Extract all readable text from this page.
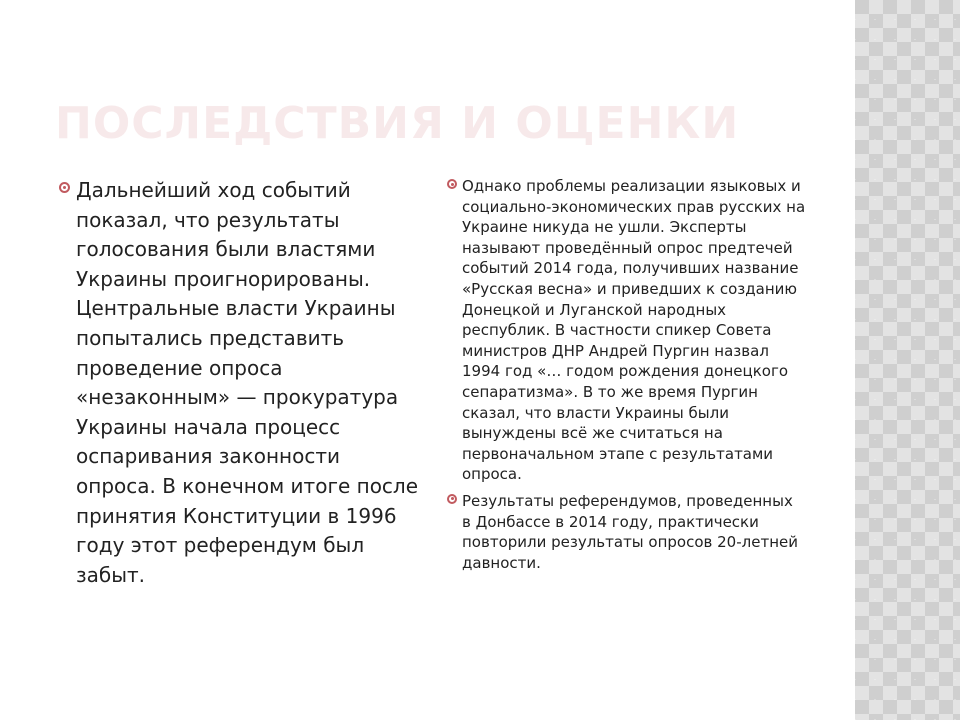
ПОСЛЕДСТВИЯ И ОЦЕНКИ

Дальнейший ход событий показал, что результаты голосования были властями Украины проигнорированы. Центральные власти Украины попытались представить проведение опроса «незаконным» — прокуратура Украины начала процесс оспаривания законности опроса. В конечном итоге после принятия Конституции в 1996 году этот референдум был забыт.

Однако проблемы реализации языковых и социально-экономических прав русских на Украине никуда не ушли. Эксперты называют проведённый опрос предтечей событий 2014 года, получивших название «Русская весна» и приведших к созданию Донецкой и Луганской народных республик. В частности спикер Совета министров ДНР Андрей Пургин назвал 1994 год «… годом рождения донецкого сепаратизма». В то же время Пургин сказал, что власти Украины были вынуждены всё же считаться на первоначальном этапе с результатами опроса.

Результаты референдумов, проведенных в Донбассе в 2014 году, практически повторили результаты опросов 20-летней давности.
